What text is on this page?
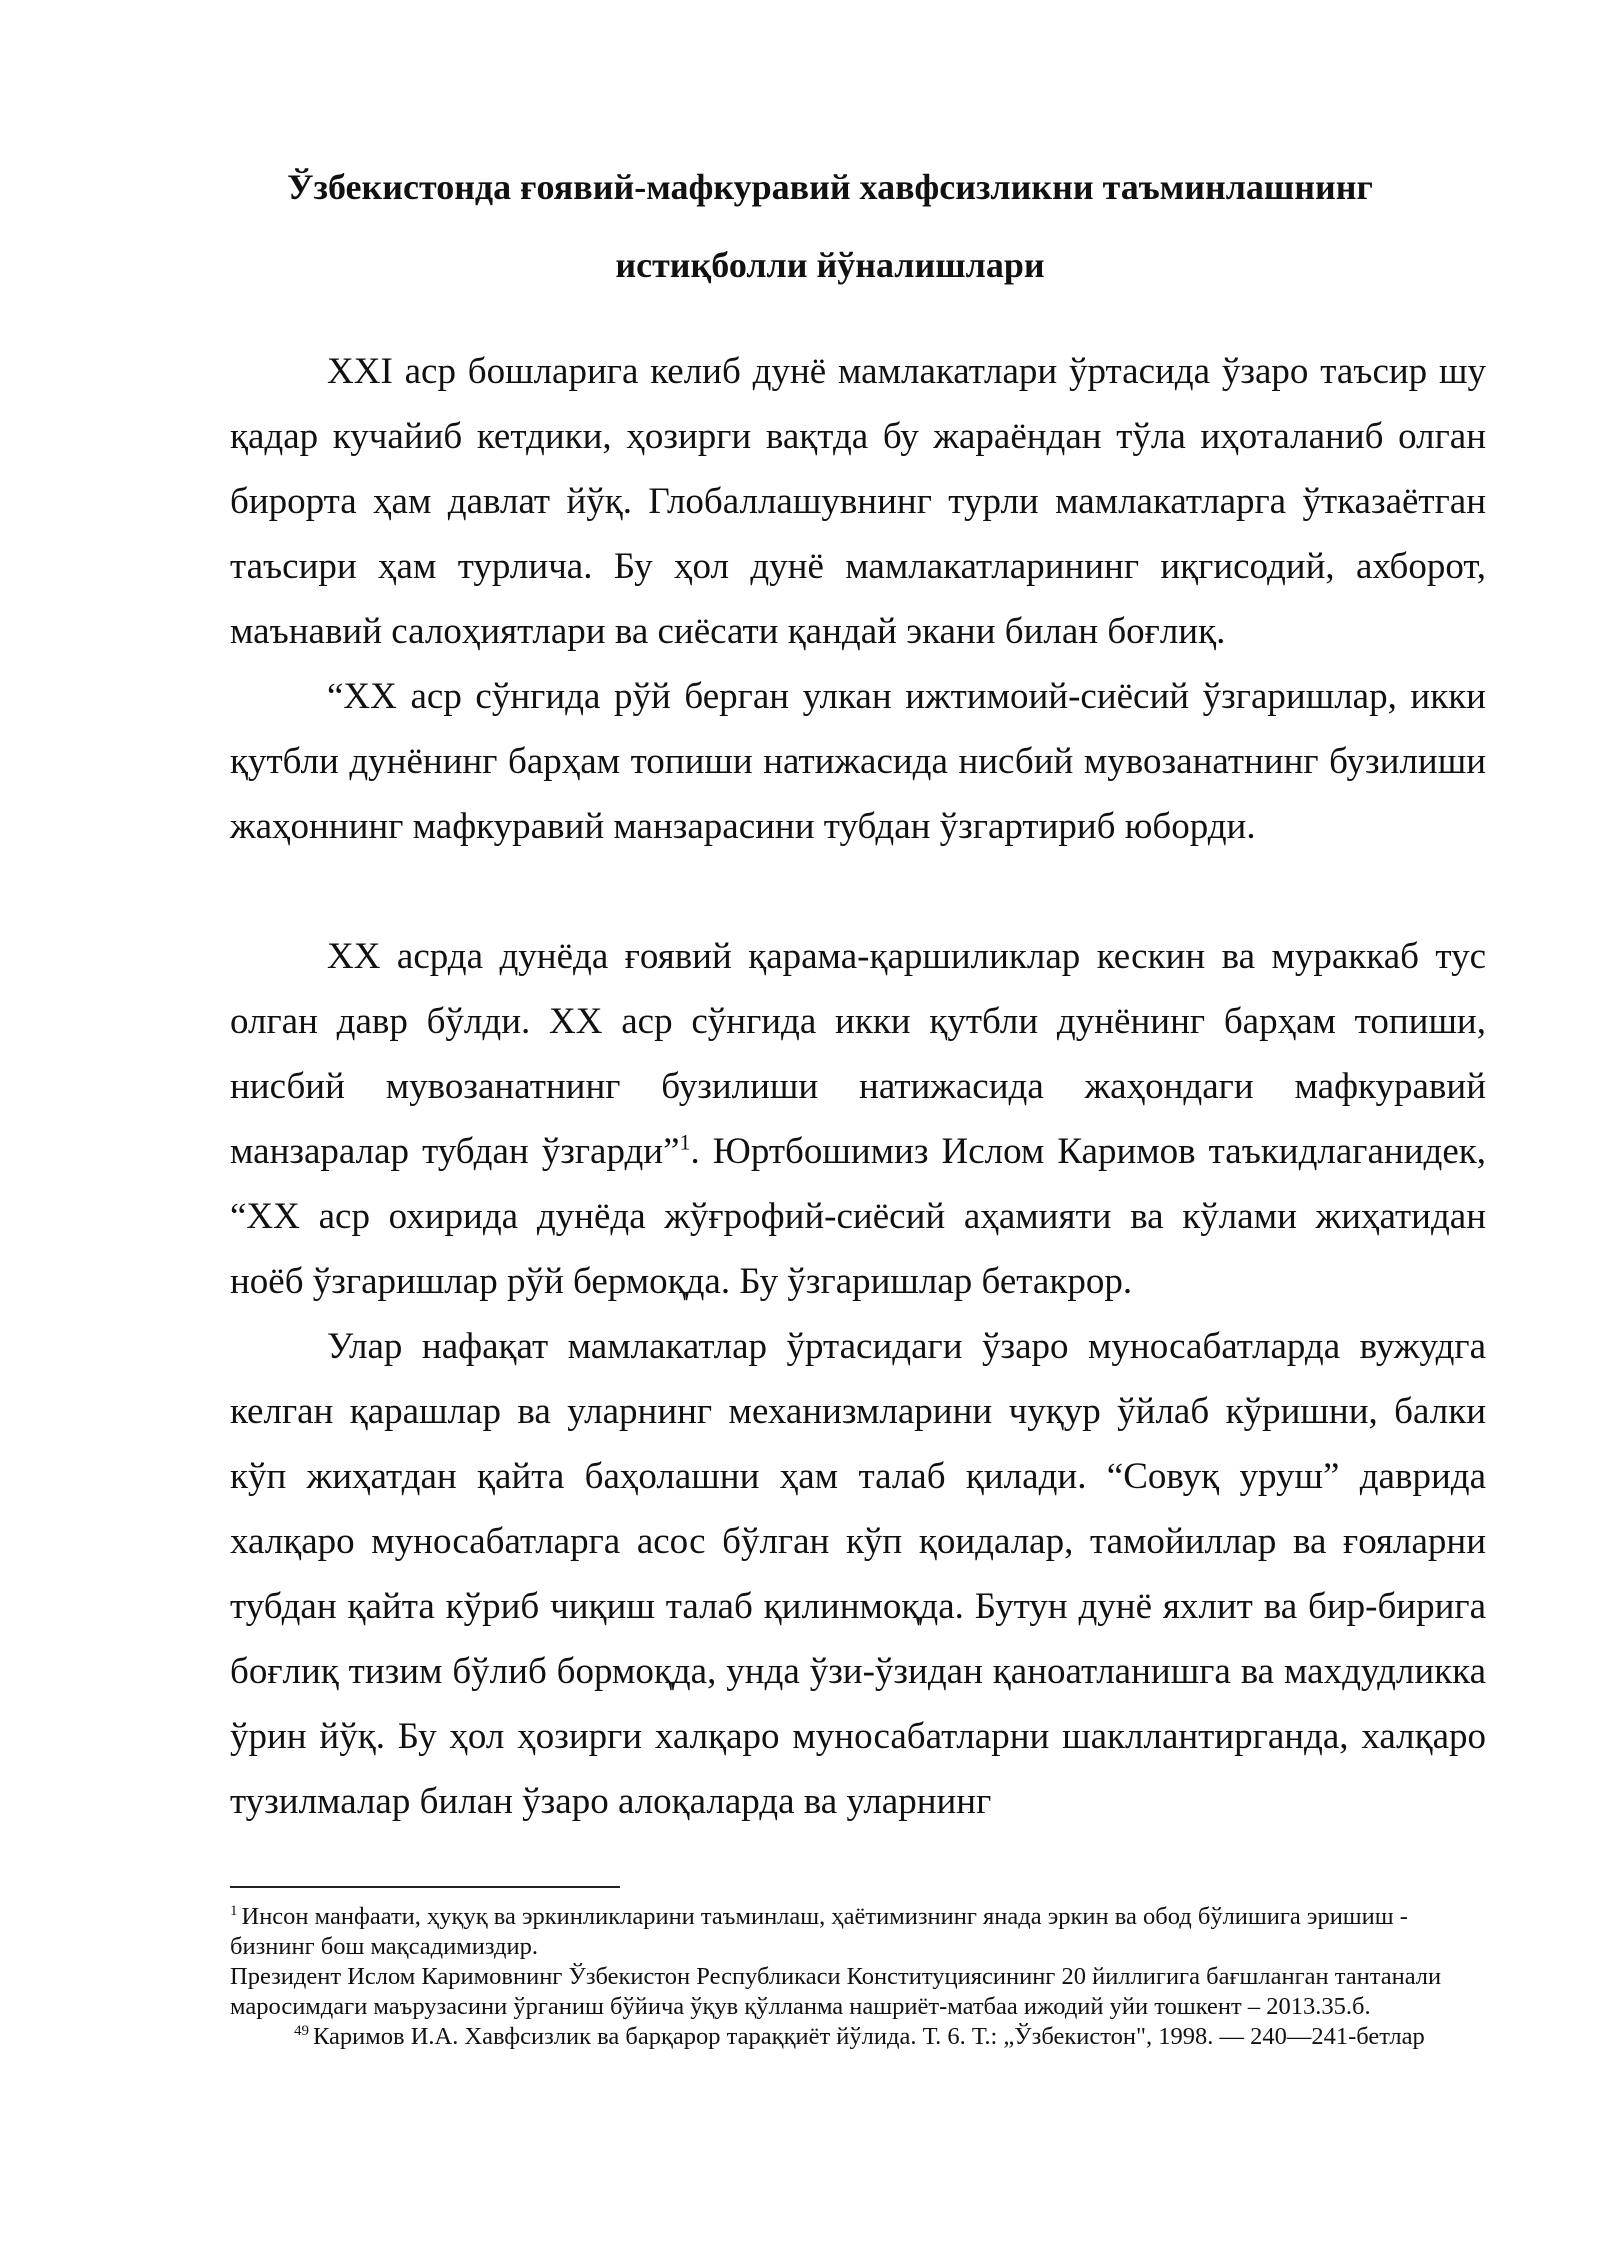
Ўзбекистонда ғоявий-мафкуравий хавфсизликни таъминлашнинг
истиқболли йўналишлари

XXI аср бошларига келиб дунё мамлакатлари ўртасида ўзаро таъсир шу қадар кучайиб кетдики, ҳозирги вақтда бу жараёндан тўла иҳоталаниб олган бирорта ҳам давлат йўқ. Глобаллашувнинг турли мамлакатларга ўтказаётган таъсири ҳам турлича. Бу ҳол дунё мамлакатларининг иқгисодий, ахборот, маънавий салоҳиятлари ва сиёсати қандай экани билан боғлиқ.

“XX аср сўнгида рўй берган улкан ижтимоий-сиёсий ўзгаришлар, икки қутбли дунёнинг барҳам топиши натижасида нисбий мувозанатнинг бузилиши жаҳоннинг мафкуравий манзарасини тубдан ўзгартириб юборди.

XX асрда дунёда ғоявий қарама-қаршиликлар кескин ва мураккаб тус олган давр бўлди. XX аср сўнгида икки қутбли дунёнинг барҳам топиши, нисбий мувозанатнинг бузилиши натижасида жаҳондаги мафкуравий манзаралар тубдан ўзгарди”$^1$. Юртбошимиз Ислом Каримов таъкидлаганидек, “XX аср охирида дунёда жўғрофий-сиёсий аҳамияти ва кўлами жиҳатидан ноёб ўзгаришлар рўй бермоқда. Бу ўзгаришлар бетакрор.

Улар нафақат мамлакатлар ўртасидаги ўзаро муносабатларда вужудга келган қарашлар ва уларнинг механизмларини чуқур ўйлаб кўришни, балки кўп жиҳатдан қайта баҳолашни ҳам талаб қилади. “Совуқ уруш” даврида халқаро муносабатларга асос бўлган кўп қоидалар, тамойиллар ва ғояларни тубдан қайта кўриб чиқиш талаб қилинмоқда. Бутун дунё яхлит ва бир-бирига боғлиқ тизим бўлиб бормоқда, унда ўзи-ўзидан қаноатланишга ва махдудликка ўрин йўқ. Бу ҳол ҳозирги халқаро муносабатларни шакллантирганда, халқаро тузилмалар билан ўзаро алоқаларда ва уларнинг

$^1$ Инсон манфаати, ҳуқуқ ва эркинликларини таъминлаш, ҳаётимизнинг янада эркин ва обод бўлишига эришиш - бизнинг бош мақсадимиздир.

Президент Ислом Каримовнинг Ўзбекистон Республикаси Конституциясининг 20 йиллигига бағшланган тантанали маросимдаги маърузасини ўрганиш бўйича ўқув қўлланма нашриёт-матбаа ижодий уйи тошкент – 2013.35.б.

$^{49}$ Каримов И.А. Хавфсизлик ва барқарор тараққиёт йўлида. Т. 6. Т.: „Ўзбекистон", 1998. — 240—241-бетлар
